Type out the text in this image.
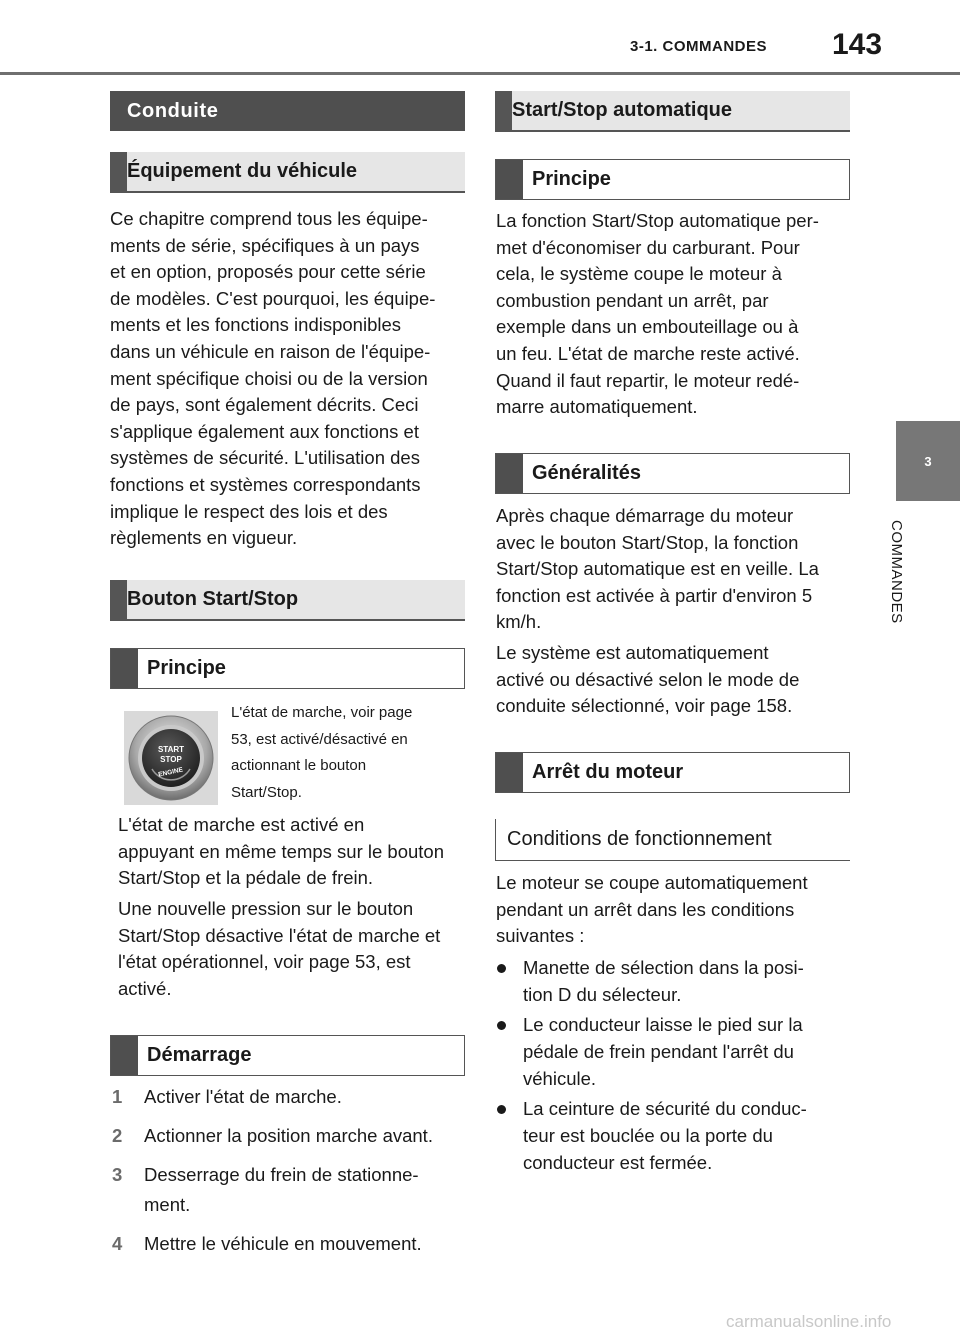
3-1. COMMANDES 143
3
COMMANDES
Conduite
Équipement du véhicule

Ce chapitre comprend tous les équipe-

ments de série, spécifiques à un pays

et en option, proposés pour cette série

de modèles. C'est pourquoi, les équipe-

ments et les fonctions indisponibles

dans un véhicule en raison de l'équipe-

ment spécifique choisi ou de la version

de pays, sont également décrits. Ceci

s'applique également aux fonctions et

systèmes de sécurité. L'utilisation des

fonctions et systèmes correspondants

implique le respect des lois et des

règlements en vigueur.

Bouton Start/Stop
Principe
START
STOP
ENGINE

L'état de marche, voir page

53, est activé/désactivé en

actionnant le bouton

Start/Stop.

L'état de marche est activé en

appuyant en même temps sur le bouton

Start/Stop et la pédale de frein.

Une nouvelle pression sur le bouton

Start/Stop désactive l'état de marche et

l'état opérationnel, voir page 53, est

activé.

Démarrage
1 Activer l'état de marche.
2 Actionner la position marche avant.
3 Desserrage du frein de stationne-
ment.
4 Mettre le véhicule en mouvement.
Start/Stop automatique
Principe

La fonction Start/Stop automatique per-

met d'économiser du carburant. Pour

cela, le système coupe le moteur à

combustion pendant un arrêt, par

exemple dans un embouteillage ou à

un feu. L'état de marche reste activé.

Quand il faut repartir, le moteur redé-

marre automatiquement.

Généralités

Après chaque démarrage du moteur

avec le bouton Start/Stop, la fonction

Start/Stop automatique est en veille. La

fonction est activée à partir d'environ 5

km/h.

Le système est automatiquement

activé ou désactivé selon le mode de

conduite sélectionné, voir page 158.

Arrêt du moteur
Conditions de fonctionnement

Le moteur se coupe automatiquement

pendant un arrêt dans les conditions

suivantes :

Manette de sélection dans la posi-
tion D du sélecteur.
Le conducteur laisse le pied sur la
pédale de frein pendant l'arrêt du
véhicule.
La ceinture de sécurité du conduc-
teur est bouclée ou la porte du
conducteur est fermée.
carmanualsonline.info
